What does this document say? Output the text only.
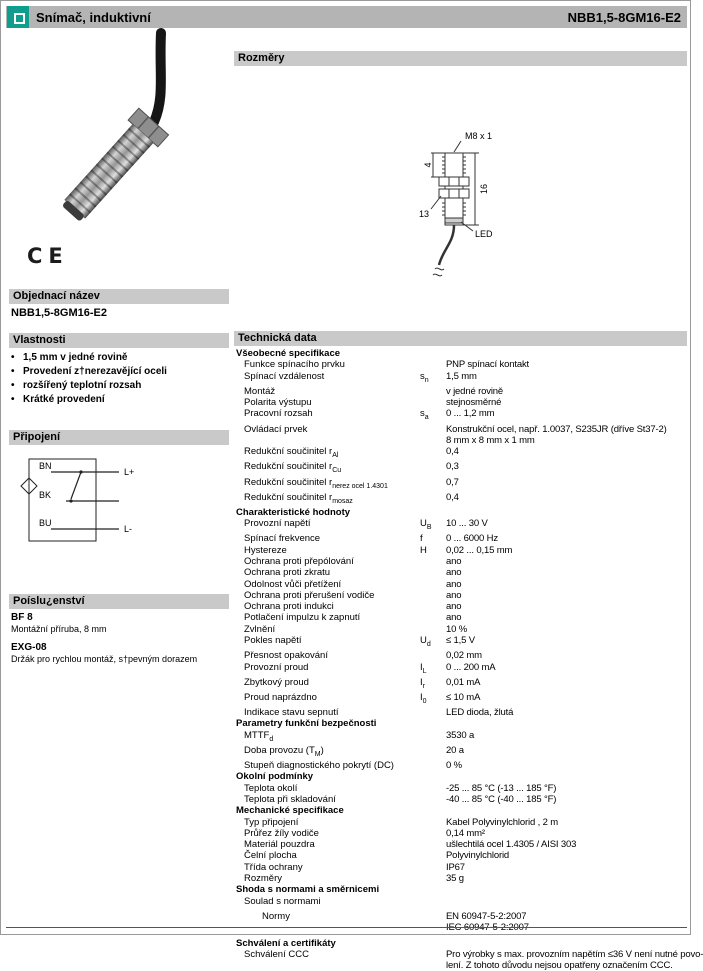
Snímač, induktivní	NBB1,5-8GM16-E2
CE
Objednací název
NBB1,5-8GM16-E2
Vlastnosti
• 1,5 mm v jedné rovině
• Provedení z†nerezavějící oceli
• rozšířený teplotní rozsah
• Krátké provedení
Připojení
BN
BK
BU
L+
L-
Poíslu¿enství
BF 8
Montážní příruba, 8 mm
EXG-08
Držák pro rychlou montáž, s†pevným dorazem
Rozměry
M8 x 1
4
16
13
LED
Technická data
Všeobecné specifikace
Funkce spínacího prvku	PNP spínací kontakt
Spínací vzdálenost	$s_n$	1,5 mm
Montáž	v jedné rovině
Polarita výstupu	stejnosměrné
Pracovní rozsah	$s_a$	0 ... 1,2 mm
Ovládací prvek	Konstrukční ocel, např. 1.0037, S235JR (dříve St37-2)
8 mm x 8 mm x 1 mm
Redukční součinitel $r_{Al}$	0,4
Redukční součinitel $r_{Cu}$	0,3
Redukční součinitel $r_{nerez ocel 1.4301}$	0,7
Redukční součinitel $r_{mosaz}$	0,4
Charakteristické hodnoty
Provozní napětí	$U_B$	10 ... 30 V
Spínací frekvence	f	0 ... 6000 Hz
Hystereze	H	0,02 ... 0,15 mm
Ochrana proti přepólování	ano
Ochrana proti zkratu	ano
Odolnost vůči přetížení	ano
Ochrana proti přerušení vodiče	ano
Ochrana proti indukci	ano
Potlačení impulzu k zapnutí	ano
Zvlnění	10 %
Pokles napětí	$U_d$	≤ 1,5 V
Přesnost opakování	0,02 mm
Provozní proud	$I_L$	0 ... 200 mA
Zbytkový proud	$I_r$	0,01 mA
Proud naprázdno	$I_0$	≤ 10 mA
Indikace stavu sepnutí	LED dioda, žlutá
Parametry funkční bezpečnosti
$MTTF_d$	3530 a
Doba provozu $(T_M)$	20 a
Stupeň diagnostického pokrytí (DC)	0 %
Okolní podmínky
Teplota okolí	-25 ... 85 °C (-13 ... 185 °F)
Teplota při skladování	-40 ... 85 °C (-40 ... 185 °F)
Mechanické specifikace
Typ připojení	Kabel Polyvinylchlorid , 2 m
Průřez žíly vodiče	0,14 mm²
Materiál pouzdra	ušlechtilá ocel 1.4305 / AISI 303
Čelní plocha	Polyvinylchlorid
Třída ochrany	IP67
Rozměry	35 g
Shoda s normami a směrnicemi
Soulad s normami
Normy	EN 60947-5-2:2007
IEC 60947-5-2:2007
Schválení a certifikáty
Schválení CCC	Pro výrobky s max. provozním napětím ≤36 V není nutné povo-
lení. Z tohoto důvodu nejsou opatřeny označením CCC.
